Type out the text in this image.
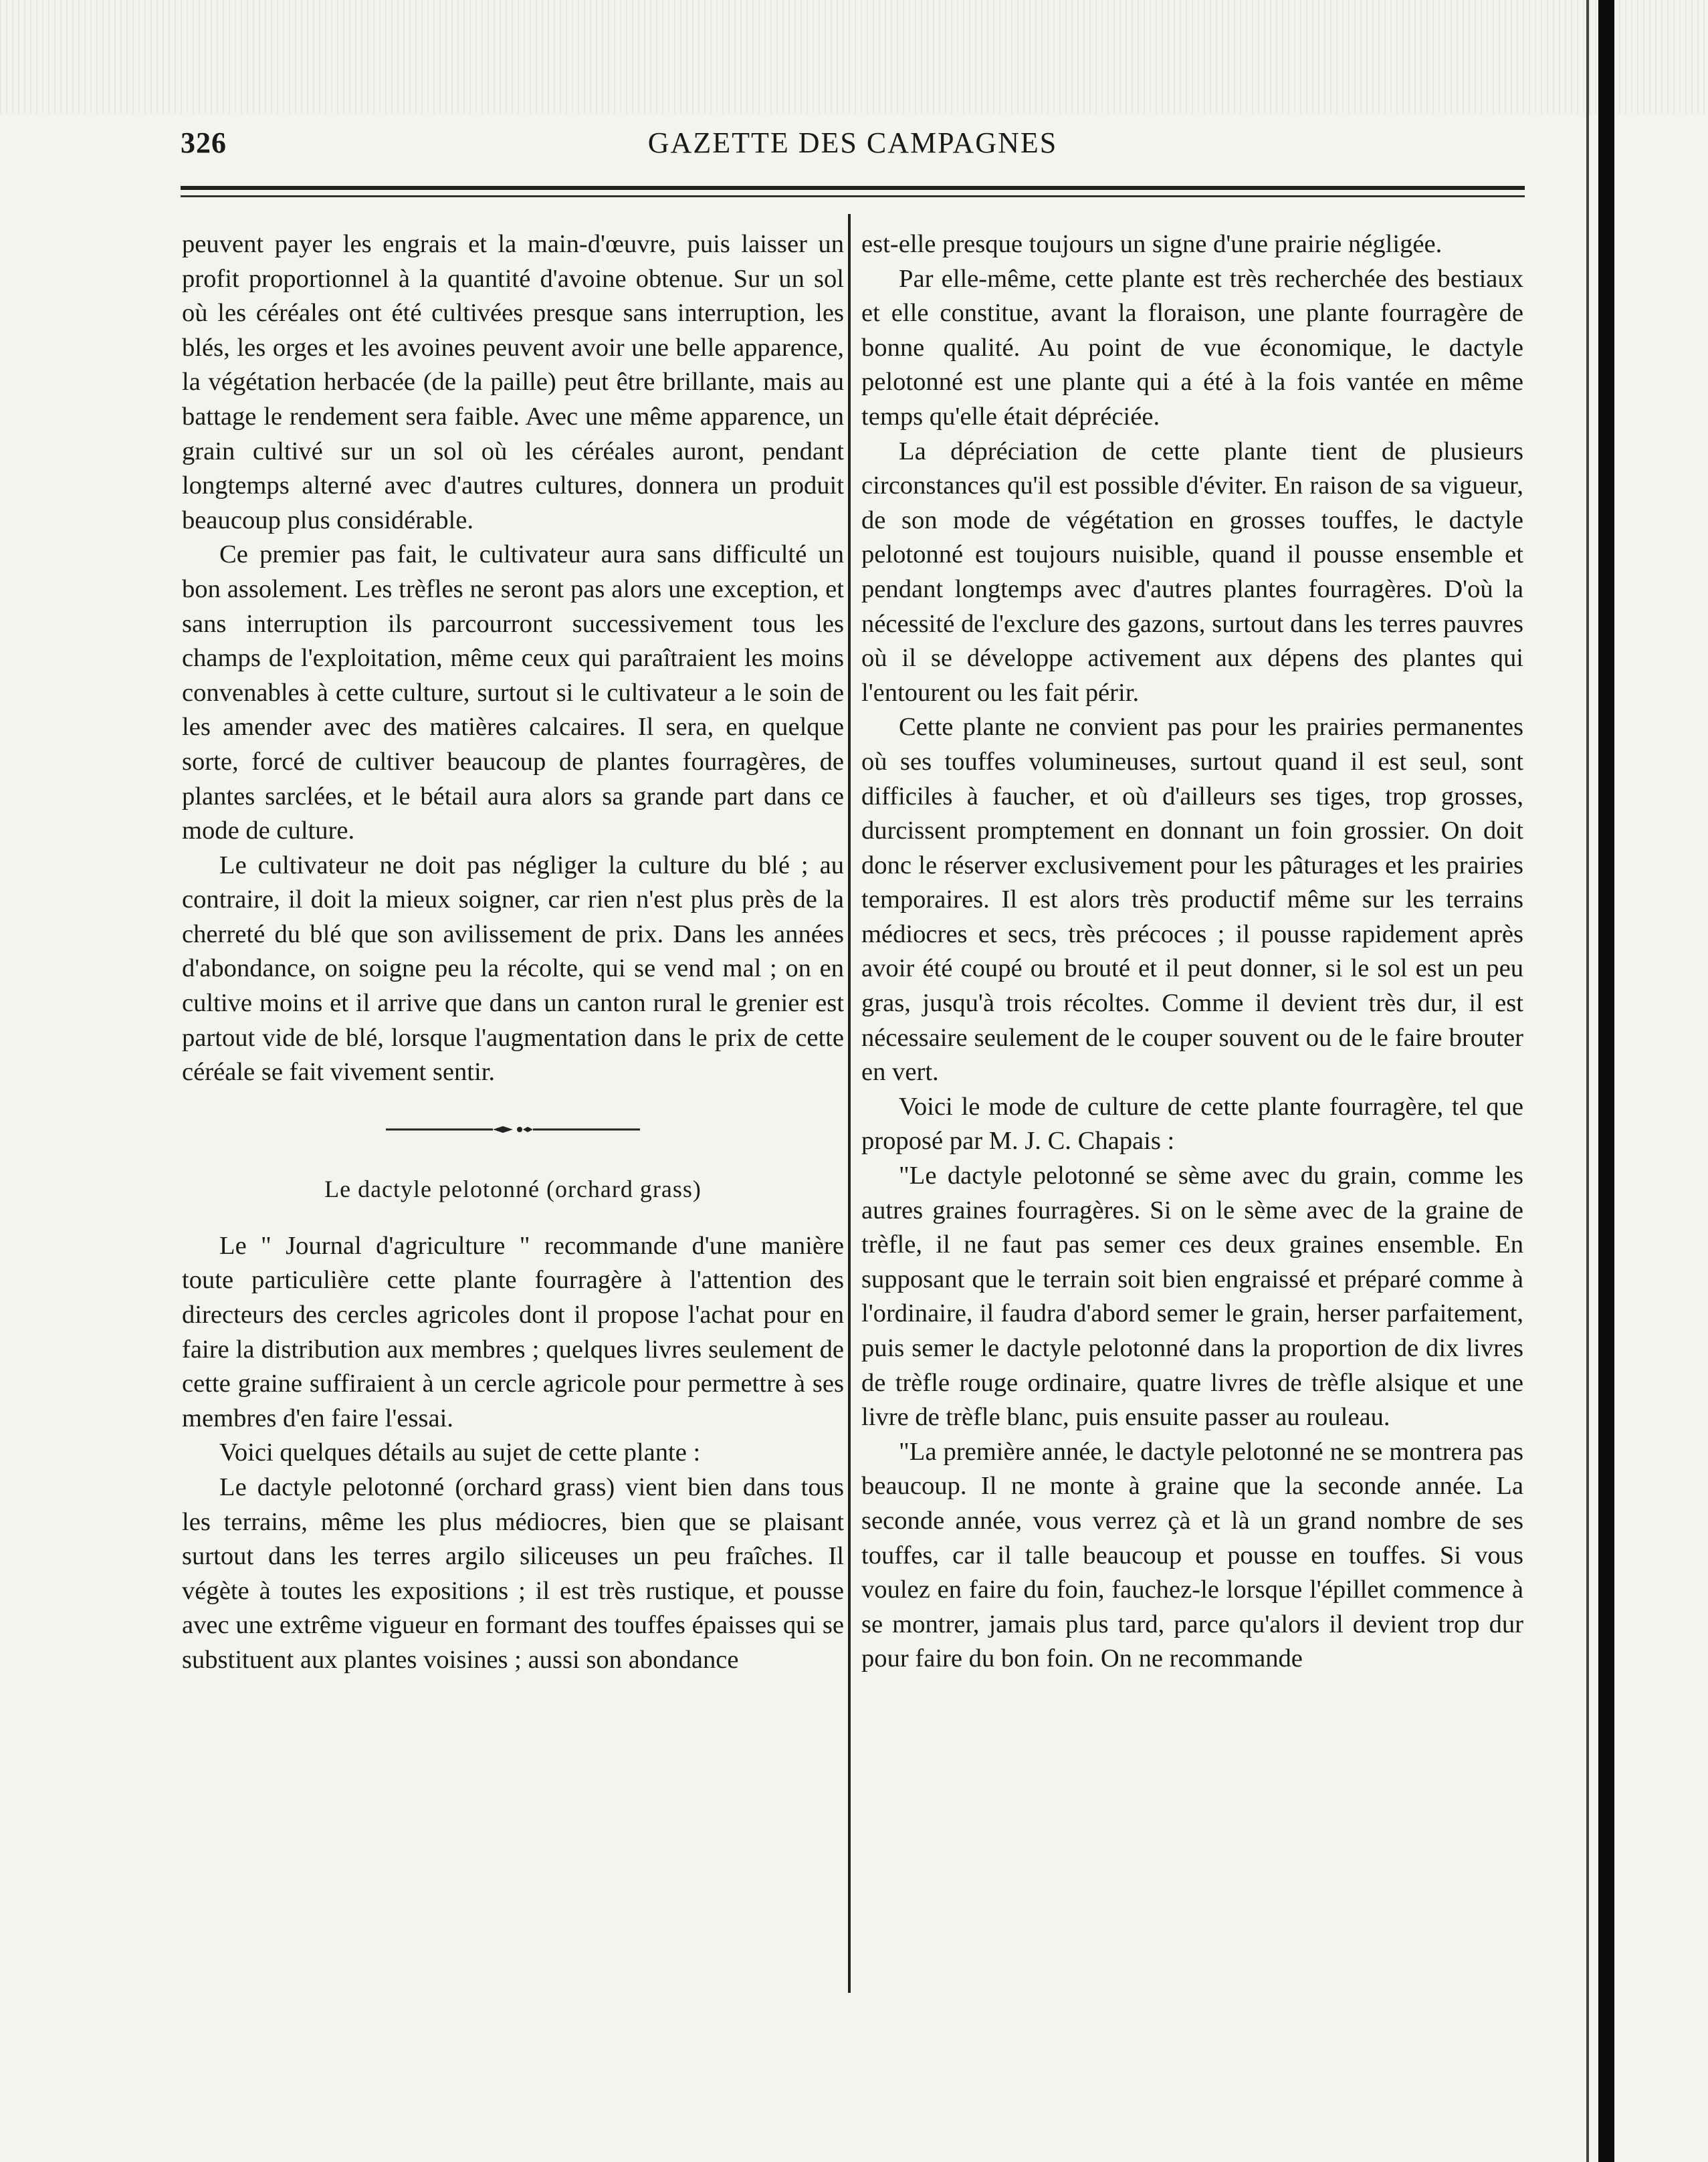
326	GAZETTE DES CAMPAGNES

peuvent payer les engrais et la main-d'œuvre, puis laisser un profit proportionnel à la quantité d'avoine obtenue. Sur un sol où les céréales ont été cultivées presque sans interruption, les blés, les orges et les avoines peuvent avoir une belle apparence, la végétation herbacée (de la paille) peut être brillante, mais au battage le rendement sera faible. Avec une même apparence, un grain cultivé sur un sol où les céréales auront, pendant longtemps alterné avec d'autres cultures, donnera un produit beaucoup plus considérable.

Ce premier pas fait, le cultivateur aura sans difficulté un bon assolement. Les trèfles ne seront pas alors une exception, et sans interruption ils parcourront successivement tous les champs de l'exploitation, même ceux qui paraîtraient les moins convenables à cette culture, surtout si le cultivateur a le soin de les amender avec des matières calcaires. Il sera, en quelque sorte, forcé de cultiver beaucoup de plantes fourragères, de plantes sarclées, et le bétail aura alors sa grande part dans ce mode de culture.

Le cultivateur ne doit pas négliger la culture du blé ; au contraire, il doit la mieux soigner, car rien n'est plus près de la cherreté du blé que son avilissement de prix. Dans les années d'abondance, on soigne peu la récolte, qui se vend mal ; on en cultive moins et il arrive que dans un canton rural le grenier est partout vide de blé, lorsque l'augmentation dans le prix de cette céréale se fait vivement sentir.

Le dactyle pelotonné (orchard grass)

Le " Journal d'agriculture " recommande d'une manière toute particulière cette plante fourragère à l'attention des directeurs des cercles agricoles dont il propose l'achat pour en faire la distribution aux membres ; quelques livres seulement de cette graine suffiraient à un cercle agricole pour permettre à ses membres d'en faire l'essai.

Voici quelques détails au sujet de cette plante :

Le dactyle pelotonné (orchard grass) vient bien dans tous les terrains, même les plus médiocres, bien que se plaisant surtout dans les terres argilo siliceuses un peu fraîches. Il végète à toutes les expositions ; il est très rustique, et pousse avec une extrême vigueur en formant des touffes épaisses qui se substituent aux plantes voisines ; aussi son abondance

est-elle presque toujours un signe d'une prairie négligée.

Par elle-même, cette plante est très recherchée des bestiaux et elle constitue, avant la floraison, une plante fourragère de bonne qualité. Au point de vue économique, le dactyle pelotonné est une plante qui a été à la fois vantée en même temps qu'elle était dépréciée.

La dépréciation de cette plante tient de plusieurs circonstances qu'il est possible d'éviter. En raison de sa vigueur, de son mode de végétation en grosses touffes, le dactyle pelotonné est toujours nuisible, quand il pousse ensemble et pendant longtemps avec d'autres plantes fourragères. D'où la nécessité de l'exclure des gazons, surtout dans les terres pauvres où il se développe activement aux dépens des plantes qui l'entourent ou les fait périr.

Cette plante ne convient pas pour les prairies permanentes où ses touffes volumineuses, surtout quand il est seul, sont difficiles à faucher, et où d'ailleurs ses tiges, trop grosses, durcissent promptement en donnant un foin grossier. On doit donc le réserver exclusivement pour les pâturages et les prairies temporaires. Il est alors très productif même sur les terrains médiocres et secs, très précoces ; il pousse rapidement après avoir été coupé ou brouté et il peut donner, si le sol est un peu gras, jusqu'à trois récoltes. Comme il devient très dur, il est nécessaire seulement de le couper souvent ou de le faire brouter en vert.

Voici le mode de culture de cette plante fourragère, tel que proposé par M. J. C. Chapais :

"Le dactyle pelotonné se sème avec du grain, comme les autres graines fourragères. Si on le sème avec de la graine de trèfle, il ne faut pas semer ces deux graines ensemble. En supposant que le terrain soit bien engraissé et préparé comme à l'ordinaire, il faudra d'abord semer le grain, herser parfaitement, puis semer le dactyle pelotonné dans la proportion de dix livres de trèfle rouge ordinaire, quatre livres de trèfle alsique et une livre de trèfle blanc, puis ensuite passer au rouleau.

"La première année, le dactyle pelotonné ne se montrera pas beaucoup. Il ne monte à graine que la seconde année. La seconde année, vous verrez çà et là un grand nombre de ses touffes, car il talle beaucoup et pousse en touffes. Si vous voulez en faire du foin, fauchez-le lorsque l'épillet commence à se montrer, jamais plus tard, parce qu'alors il devient trop dur pour faire du bon foin. On ne recommande
